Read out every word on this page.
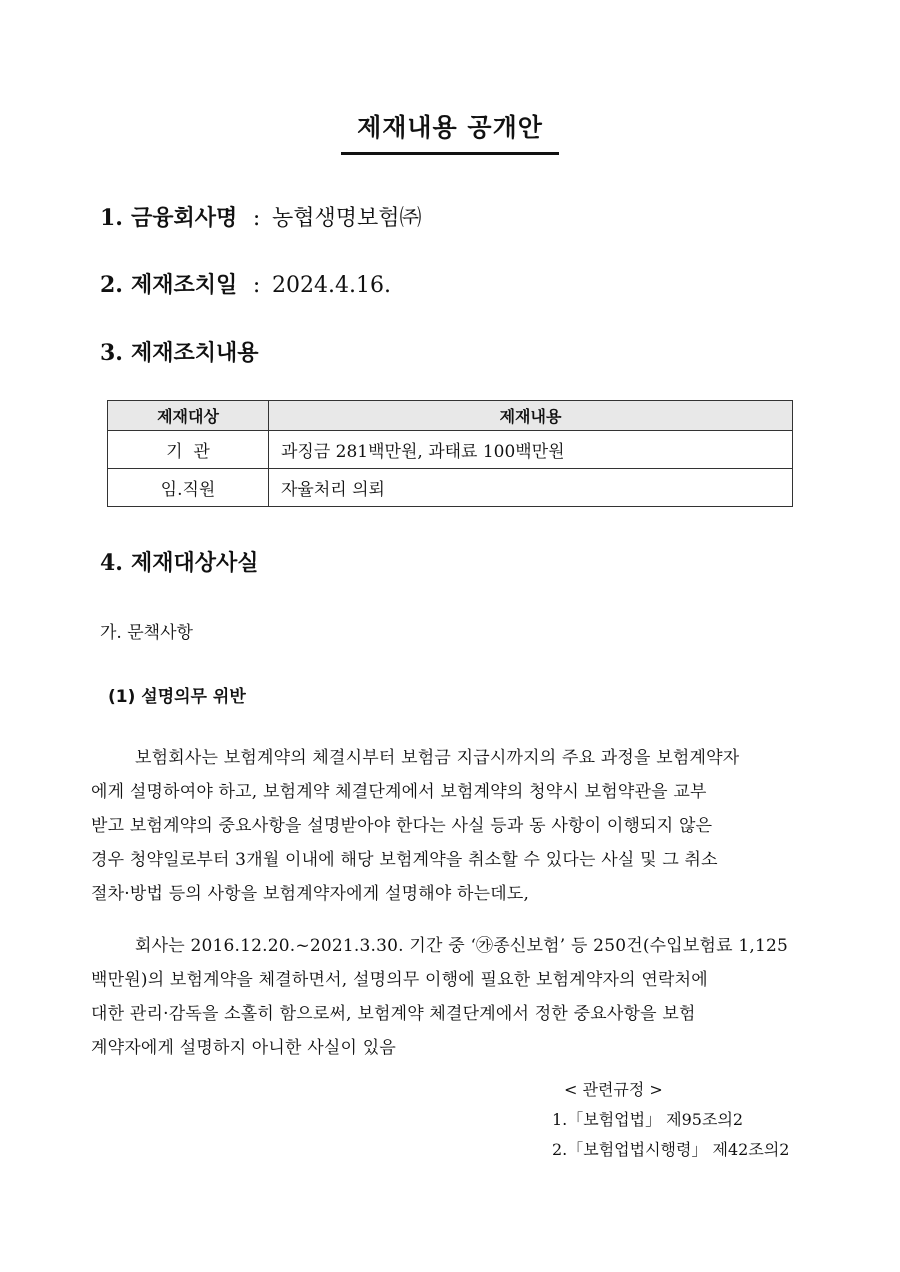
제재내용 공개안
1. 금융회사명 : 농협생명보험㈜
2. 제재조치일 : 2024.4.16.
3. 제재조치내용
제재대상	제재내용
기  관	과징금 281백만원, 과태료 100백만원
임.직원	자율처리 의뢰
4. 제재대상사실
가. 문책사항
(1) 설명의무 위반
보험회사는 보험계약의 체결시부터 보험금 지급시까지의 주요 과정을 보험계약자
에게 설명하여야 하고, 보험계약 체결단계에서 보험계약의 청약시 보험약관을 교부
받고 보험계약의 중요사항을 설명받아야 한다는 사실 등과 동 사항이 이행되지 않은
경우 청약일로부터 3개월 이내에 해당 보험계약을 취소할 수 있다는 사실 및 그 취소
절차·방법 등의 사항을 보험계약자에게 설명해야 하는데도,
회사는 2016.12.20.~2021.3.30. 기간 중 ‘㉮종신보험’ 등 250건(수입보험료 1,125
백만원)의 보험계약을 체결하면서, 설명의무 이행에 필요한 보험계약자의 연락처에
대한 관리·감독을 소홀히 함으로써, 보험계약 체결단계에서 정한 중요사항을 보험
계약자에게 설명하지 아니한 사실이 있음
< 관련규정 >
1.「보험업법」 제95조의2
2.「보험업법시행령」 제42조의2
